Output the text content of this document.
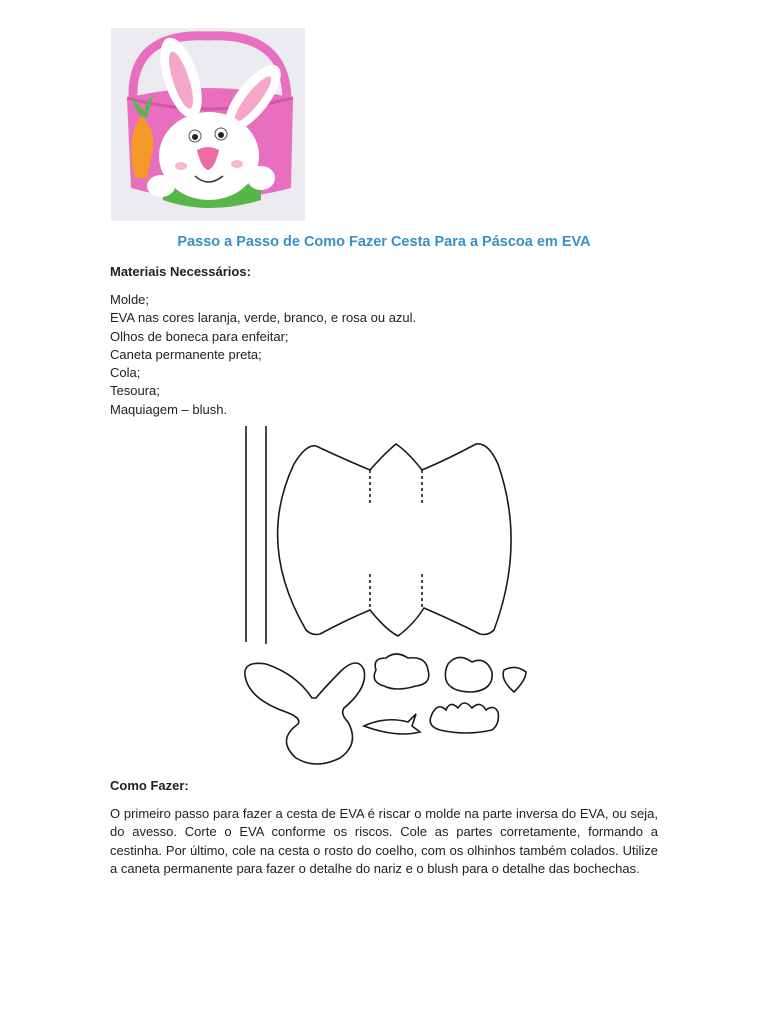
Passo a Passo de Como Fazer Cesta Para a Páscoa em EVA
Materiais Necessários:
Molde;
EVA nas cores laranja, verde, branco, e rosa ou azul.
Olhos de boneca para enfeitar;
Caneta permanente preta;
Cola;
Tesoura;
Maquiagem – blush.
Como Fazer:

O primeiro passo para fazer a cesta de EVA é riscar o molde na parte inversa do EVA, ou seja, do avesso. Corte o EVA conforme os riscos. Cole as partes corretamente, formando a cestinha. Por último, cole na cesta o rosto do coelho, com os olhinhos também colados. Utilize a caneta permanente para fazer o detalhe do nariz e o blush para o detalhe das bochechas.
